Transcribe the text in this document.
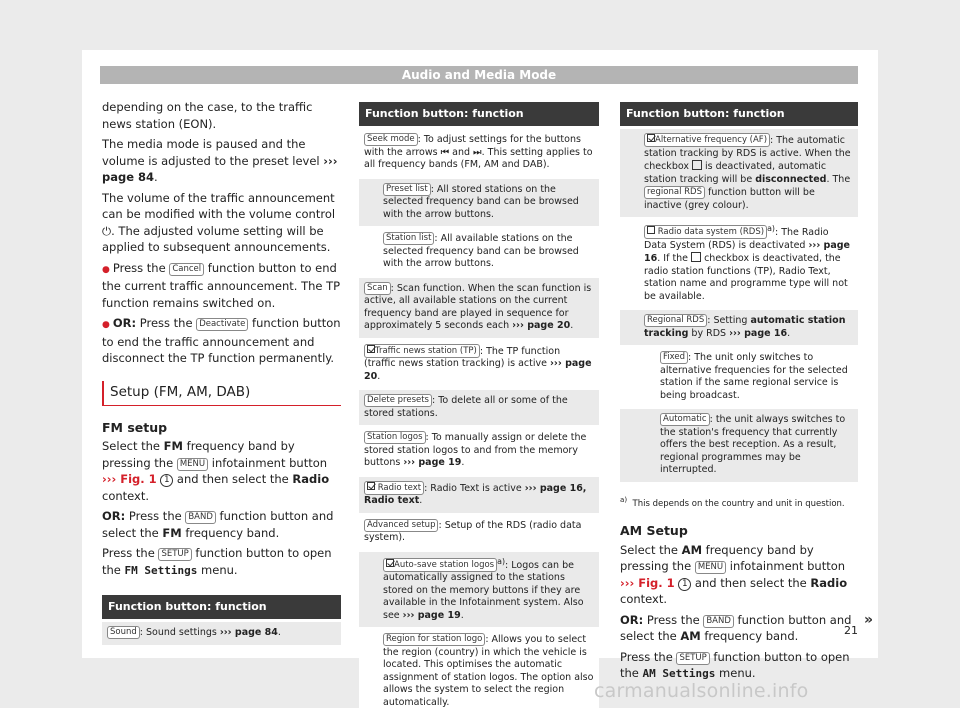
Audio and Media Mode

depending on the case, to the traffic news station (EON).

The media mode is paused and the volume is adjusted to the preset level ››› page 84.

The volume of the traffic announcement can be modified with the volume control ⏻. The adjusted volume setting will be applied to subsequent announcements.

● Press the Cancel function button to end the current traffic announcement. The TP function remains switched on.

● OR: Press the Deactivate function button to end the traffic announcement and disconnect the TP function permanently.

Setup (FM, AM, DAB)
FM setup

Select the FM frequency band by pressing the MENU infotainment button ››› Fig. 1 1 and then select the Radio context.

OR: Press the BAND function button and select the FM frequency band.

Press the SETUP function button to open the FM Settings menu.

Function button: function
Sound : Sound settings ››› page 84.
Function button: function
Seek mode : To adjust settings for the buttons with the arrows ⏮ and ⏭. This setting applies to all frequency bands (FM, AM and DAB).
Preset list : All stored stations on the selected frequency band can be browsed with the arrow buttons.
Station list : All available stations on the selected frequency band can be browsed with the arrow buttons.
Scan : Scan function. When the scan function is active, all available stations on the current frequency band are played in sequence for approximately 5 seconds each ››› page 20.
Traffic news station (TP) : The TP function (traffic news station tracking) is active ››› page 20.
Delete presets : To delete all or some of the stored stations.
Station logos : To manually assign or delete the stored station logos to and from the memory buttons ››› page 19.
Radio text : Radio Text is active ››› page 16, Radio text.
Advanced setup : Setup of the RDS (radio data system).
Auto-save station logos $^{a)}$: Logos can be automatically assigned to the stations stored on the memory buttons if they are available in the Infotainment system. Also see ››› page 19.
Region for station logo : Allows you to select the region (country) in which the vehicle is located. This optimises the automatic assignment of station logos. The option also allows the system to select the region automatically.
Function button: function
Alternative frequency (AF) : The automatic station tracking by RDS is active. When the checkbox  is deactivated, automatic station tracking will be disconnected. The regional RDS function button will be inactive (grey colour).
Radio data system (RDS) $^{a)}$: The Radio Data System (RDS) is deactivated ››› page 16. If the  checkbox is deactivated, the radio station functions (TP), Radio Text, station name and programme type will not be available.
Regional RDS : Setting automatic station tracking by RDS ››› page 16.
Fixed : The unit only switches to alternative frequencies for the selected station if the same regional service is being broadcast.
Automatic : the unit always switches to the station's frequency that currently offers the best reception. As a result, regional programmes may be interrupted.
$^{a)}$ This depends on the country and unit in question.
AM Setup

Select the AM frequency band by pressing the MENU infotainment button ››› Fig. 1 1 and then select the Radio context.

OR: Press the BAND function button and select the AM frequency band.

Press the SETUP function button to open the AM Settings menu.

21
»
carmanualsonline.info
